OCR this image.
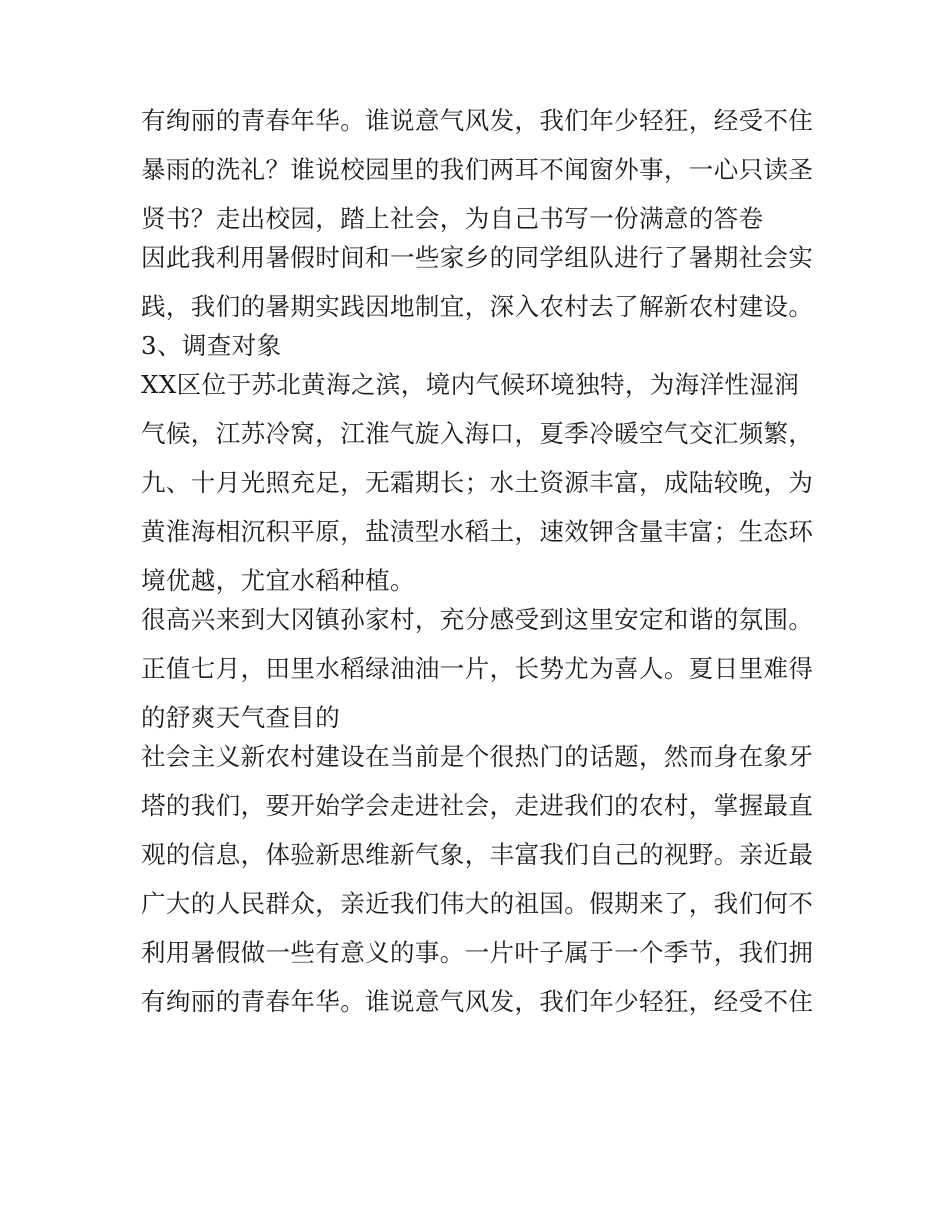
有绚丽的青春年华。谁说意气风发，我们年少轻狂，经受不住
暴雨的洗礼？谁说校园里的我们两耳不闻窗外事，一心只读圣
贤书？走出校园，踏上社会，为自己书写一份满意的答卷
因此我利用暑假时间和一些家乡的同学组队进行了暑期社会实
践，我们的暑期实践因地制宜，深入农村去了解新农村建设。
3、调查对象
XX区位于苏北黄海之滨，境内气候环境独特，为海洋性湿润
气候，江苏冷窝，江淮气旋入海口，夏季冷暖空气交汇频繁，
九、十月光照充足，无霜期长；水土资源丰富，成陆较晚，为
黄淮海相沉积平原，盐渍型水稻土，速效钾含量丰富；生态环
境优越，尤宜水稻种植。
很高兴来到大冈镇孙家村，充分感受到这里安定和谐的氛围。
正值七月，田里水稻绿油油一片，长势尤为喜人。夏日里难得
的舒爽天气查目的
社会主义新农村建设在当前是个很热门的话题，然而身在象牙
塔的我们，要开始学会走进社会，走进我们的农村，掌握最直
观的信息，体验新思维新气象，丰富我们自己的视野。亲近最
广大的人民群众，亲近我们伟大的祖国。假期来了，我们何不
利用暑假做一些有意义的事。一片叶子属于一个季节，我们拥
有绚丽的青春年华。谁说意气风发，我们年少轻狂，经受不住
